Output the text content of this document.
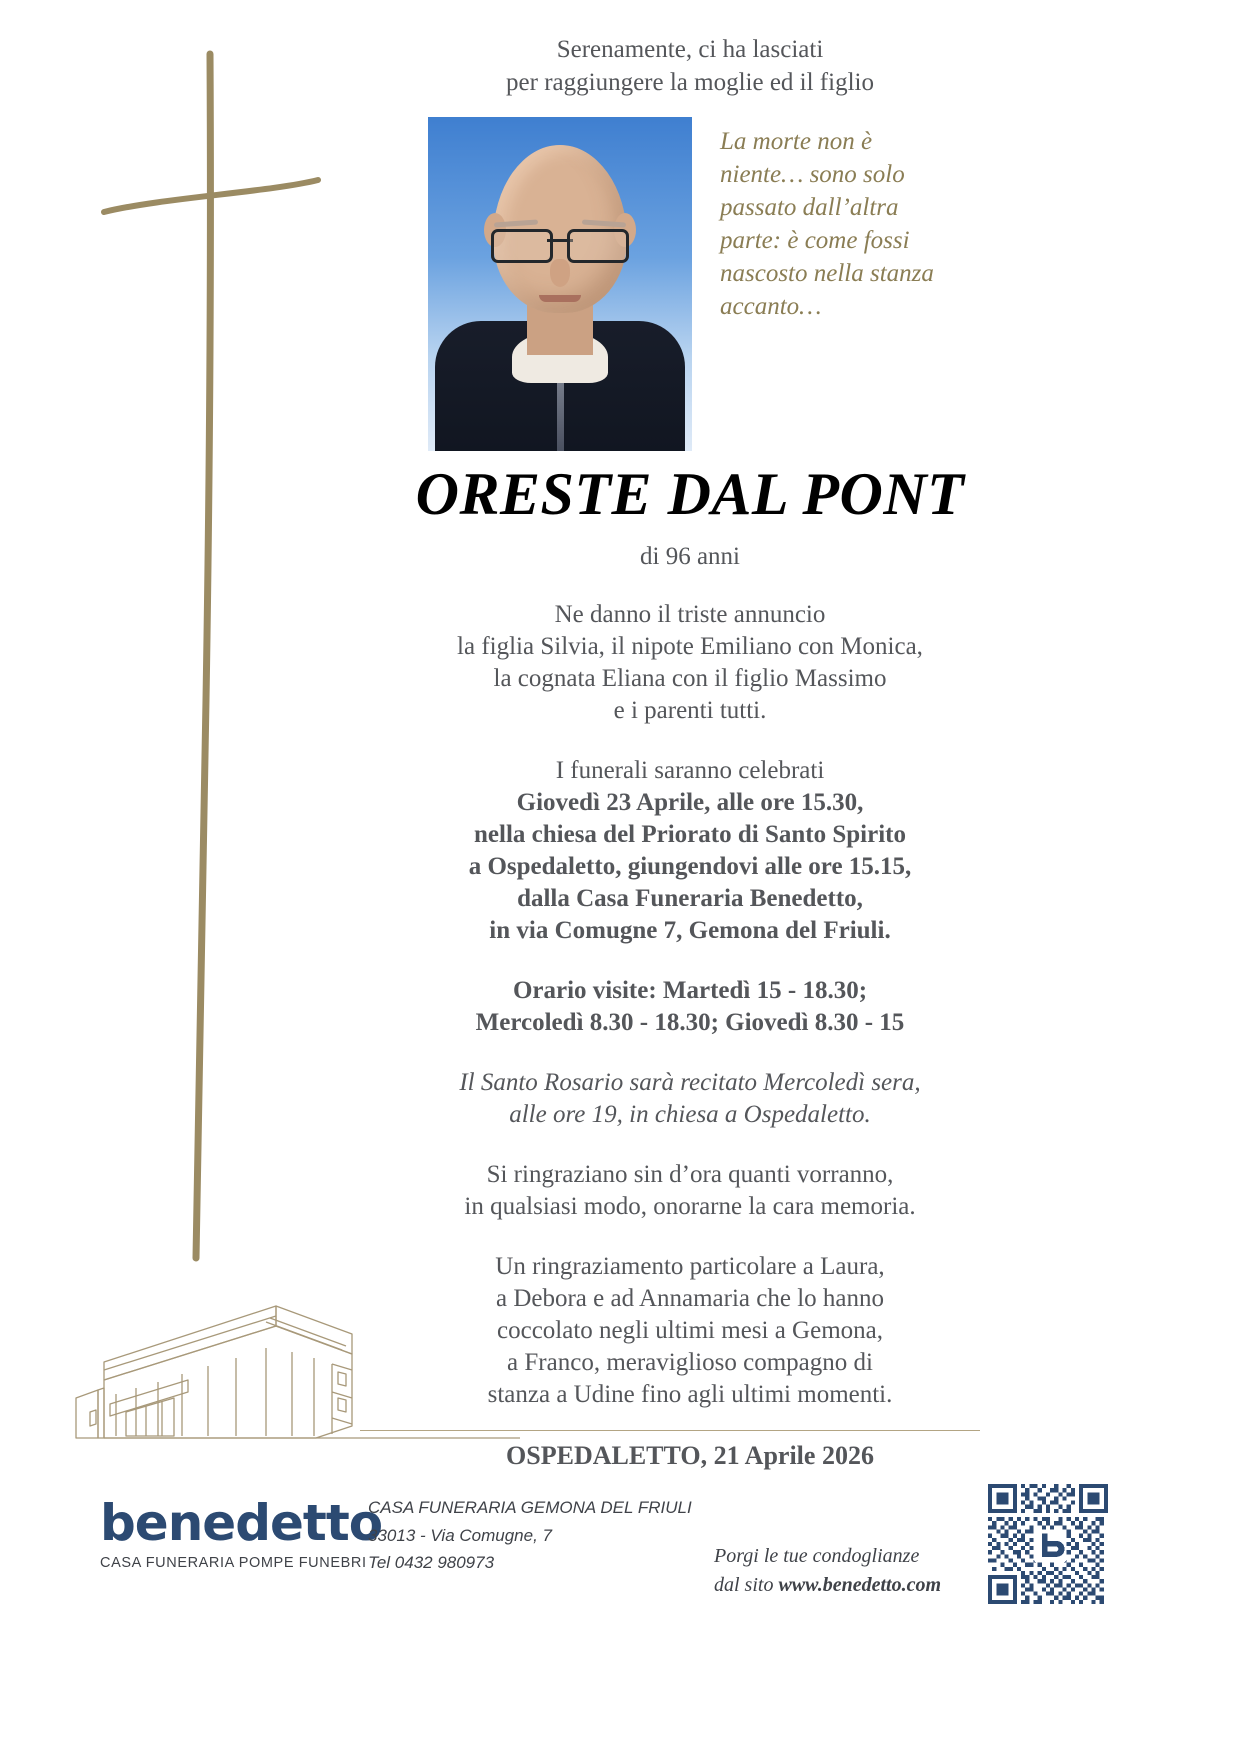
Serenamente, ci ha lasciati
per raggiungere la moglie ed il figlio
La morte non è niente… sono solo passato dall’altra parte: è come fossi nascosto nella stanza accanto…
ORESTE DAL PONT
di 96 anni
Ne danno il triste annuncio
la figlia Silvia, il nipote Emiliano con Monica,
la cognata Eliana con il figlio Massimo
e i parenti tutti.
I funerali saranno celebrati
Giovedì 23 Aprile, alle ore 15.30,
nella chiesa del Priorato di Santo Spirito
a Ospedaletto, giungendovi alle ore 15.15,
dalla Casa Funeraria Benedetto,
in via Comugne 7, Gemona del Friuli.
Orario visite: Martedì 15 - 18.30;
Mercoledì 8.30 - 18.30; Giovedì 8.30 - 15
Il Santo Rosario sarà recitato Mercoledì sera,
alle ore 19, in chiesa a Ospedaletto.
Si ringraziano sin d’ora quanti vorranno,
in qualsiasi modo, onorarne la cara memoria.
Un ringraziamento particolare a Laura,
a Debora e ad Annamaria che lo hanno
coccolato negli ultimi mesi a Gemona,
a Franco, meraviglioso compagno di
stanza a Udine fino agli ultimi momenti.
OSPEDALETTO, 21 Aprile 2026
benedetto
CASA FUNERARIA POMPE FUNEBRI
CASA FUNERARIA GEMONA DEL FRIULI
33013 - Via Comugne, 7
Tel 0432 980973	Porgi le tue condoglianze
dal sito www.benedetto.com
